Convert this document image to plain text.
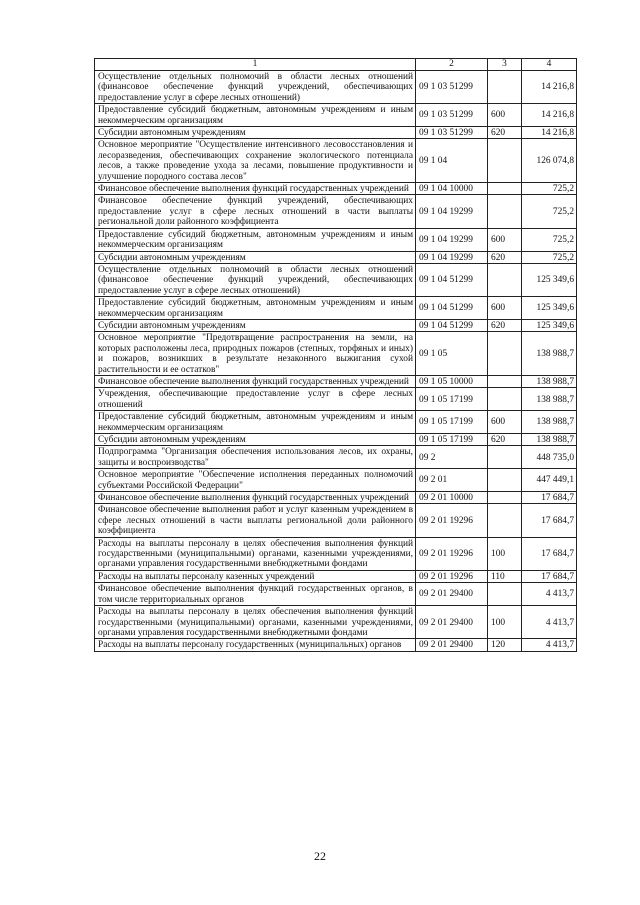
1	2	3	4
Осуществление отдельных полномочий в области лесных отношений (финансовое обеспечение функций учреждений, обеспечивающих предоставление услуг в сфере лесных отношений)	09 1 03 51299		14 216,8
Предоставление субсидий бюджетным, автономным учреждениям и иным некоммерческим организациям	09 1 03 51299	600	14 216,8
Субсидии автономным учреждениям	09 1 03 51299	620	14 216,8
Основное мероприятие "Осуществление интенсивного лесовосстановления и лесоразведения, обеспечивающих сохранение экологического потенциала лесов, а также проведение ухода за лесами, повышение продуктивности и улучшение породного состава лесов"	09 1 04		126 074,8
Финансовое обеспечение выполнения функций государственных учреждений	09 1 04 10000		725,2
Финансовое обеспечение функций учреждений, обеспечивающих предоставление услуг в сфере лесных отношений в части выплаты региональной доли районного коэффициента	09 1 04 19299		725,2
Предоставление субсидий бюджетным, автономным учреждениям и иным некоммерческим организациям	09 1 04 19299	600	725,2
Субсидии автономным учреждениям	09 1 04 19299	620	725,2
Осуществление отдельных полномочий в области лесных отношений (финансовое обеспечение функций учреждений, обеспечивающих предоставление услуг в сфере лесных отношений)	09 1 04 51299		125 349,6
Предоставление субсидий бюджетным, автономным учреждениям и иным некоммерческим организациям	09 1 04 51299	600	125 349,6
Субсидии автономным учреждениям	09 1 04 51299	620	125 349,6
Основное мероприятие "Предотвращение распространения на земли, на которых расположены леса, природных пожаров (степных, торфяных и иных) и пожаров, возникших в результате незаконного выжигания сухой растительности и ее остатков"	09 1 05		138 988,7
Финансовое обеспечение выполнения функций государственных учреждений	09 1 05 10000		138 988,7
Учреждения, обеспечивающие предоставление услуг в сфере лесных отношений	09 1 05 17199		138 988,7
Предоставление субсидий бюджетным, автономным учреждениям и иным некоммерческим организациям	09 1 05 17199	600	138 988,7
Субсидии автономным учреждениям	09 1 05 17199	620	138 988,7
Подпрограмма "Организация обеспечения использования лесов, их охраны, защиты и воспроизводства"	09 2		448 735,0
Основное мероприятие "Обеспечение исполнения переданных полномочий субъектами Российской Федерации"	09 2 01		447 449,1
Финансовое обеспечение выполнения функций государственных учреждений	09 2 01 10000		17 684,7
Финансовое обеспечение выполнения работ и услуг казенным учреждением в сфере лесных отношений в части выплаты региональной доли районного коэффициента	09 2 01 19296		17 684,7
Расходы на выплаты персоналу в целях обеспечения выполнения функций государственными (муниципальными) органами, казенными учреждениями, органами управления государственными внебюджетными фондами	09 2 01 19296	100	17 684,7
Расходы на выплаты персоналу казенных учреждений	09 2 01 19296	110	17 684,7
Финансовое обеспечение выполнения функций государственных органов, в том числе территориальных органов	09 2 01 29400		4 413,7
Расходы на выплаты персоналу в целях обеспечения выполнения функций государственными (муниципальными) органами, казенными учреждениями, органами управления государственными внебюджетными фондами	09 2 01 29400	100	4 413,7
Расходы на выплаты персоналу государственных (муниципальных) органов	09 2 01 29400	120	4 413,7
22
